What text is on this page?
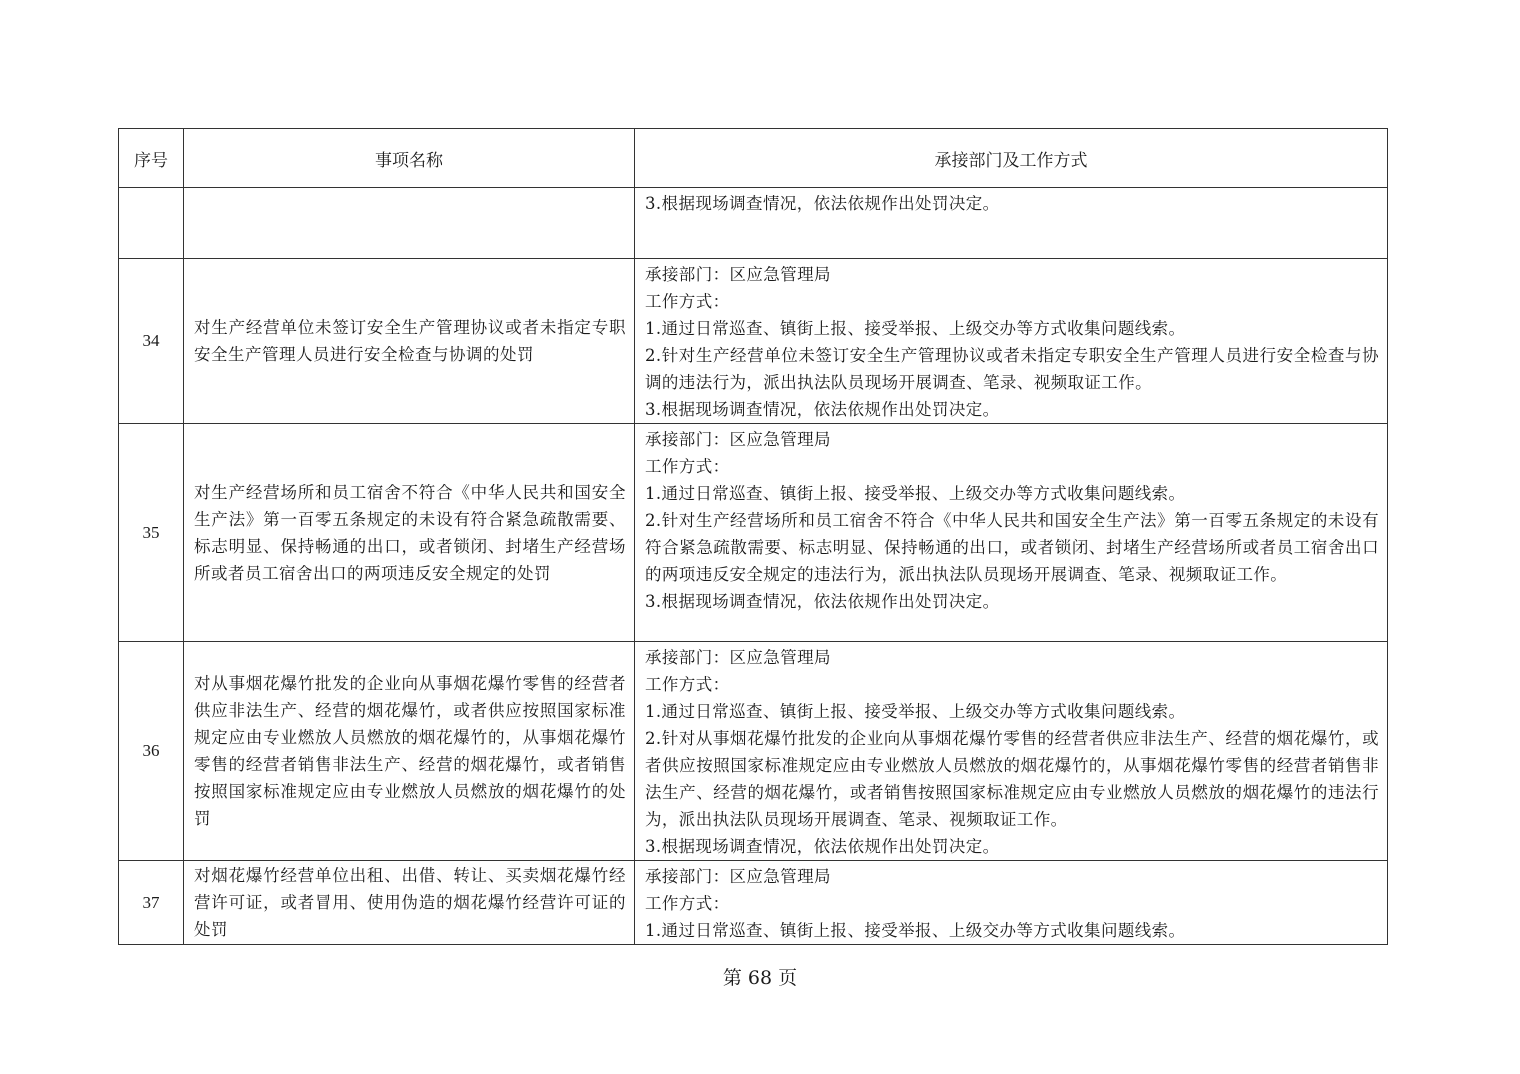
序号	事项名称	承接部门及工作方式

		3.根据现场调查情况，依法依规作出处罚决定。

34	对生产经营单位未签订安全生产管理协议或者未指定专职安全生产管理人员进行安全检查与协调的处罚	承接部门：区应急管理局
工作方式：
1.通过日常巡查、镇街上报、接受举报、上级交办等方式收集问题线索。
2.针对生产经营单位未签订安全生产管理协议或者未指定专职安全生产管理人员进行安全检查与协调的违法行为，派出执法队员现场开展调查、笔录、视频取证工作。
3.根据现场调查情况，依法依规作出处罚决定。

35	对生产经营场所和员工宿舍不符合《中华人民共和国安全生产法》第一百零五条规定的未设有符合紧急疏散需要、标志明显、保持畅通的出口，或者锁闭、封堵生产经营场所或者员工宿舍出口的两项违反安全规定的处罚	承接部门：区应急管理局
工作方式：
1.通过日常巡查、镇街上报、接受举报、上级交办等方式收集问题线索。
2.针对生产经营场所和员工宿舍不符合《中华人民共和国安全生产法》第一百零五条规定的未设有符合紧急疏散需要、标志明显、保持畅通的出口，或者锁闭、封堵生产经营场所或者员工宿舍出口的两项违反安全规定的违法行为，派出执法队员现场开展调查、笔录、视频取证工作。
3.根据现场调查情况，依法依规作出处罚决定。

36	对从事烟花爆竹批发的企业向从事烟花爆竹零售的经营者供应非法生产、经营的烟花爆竹，或者供应按照国家标准规定应由专业燃放人员燃放的烟花爆竹的，从事烟花爆竹零售的经营者销售非法生产、经营的烟花爆竹，或者销售按照国家标准规定应由专业燃放人员燃放的烟花爆竹的处罚	承接部门：区应急管理局
工作方式：
1.通过日常巡查、镇街上报、接受举报、上级交办等方式收集问题线索。
2.针对从事烟花爆竹批发的企业向从事烟花爆竹零售的经营者供应非法生产、经营的烟花爆竹，或者供应按照国家标准规定应由专业燃放人员燃放的烟花爆竹的，从事烟花爆竹零售的经营者销售非法生产、经营的烟花爆竹，或者销售按照国家标准规定应由专业燃放人员燃放的烟花爆竹的违法行为，派出执法队员现场开展调查、笔录、视频取证工作。
3.根据现场调查情况，依法依规作出处罚决定。

37	对烟花爆竹经营单位出租、出借、转让、买卖烟花爆竹经营许可证，或者冒用、使用伪造的烟花爆竹经营许可证的处罚	承接部门：区应急管理局
工作方式：
1.通过日常巡查、镇街上报、接受举报、上级交办等方式收集问题线索。
第 68 页
